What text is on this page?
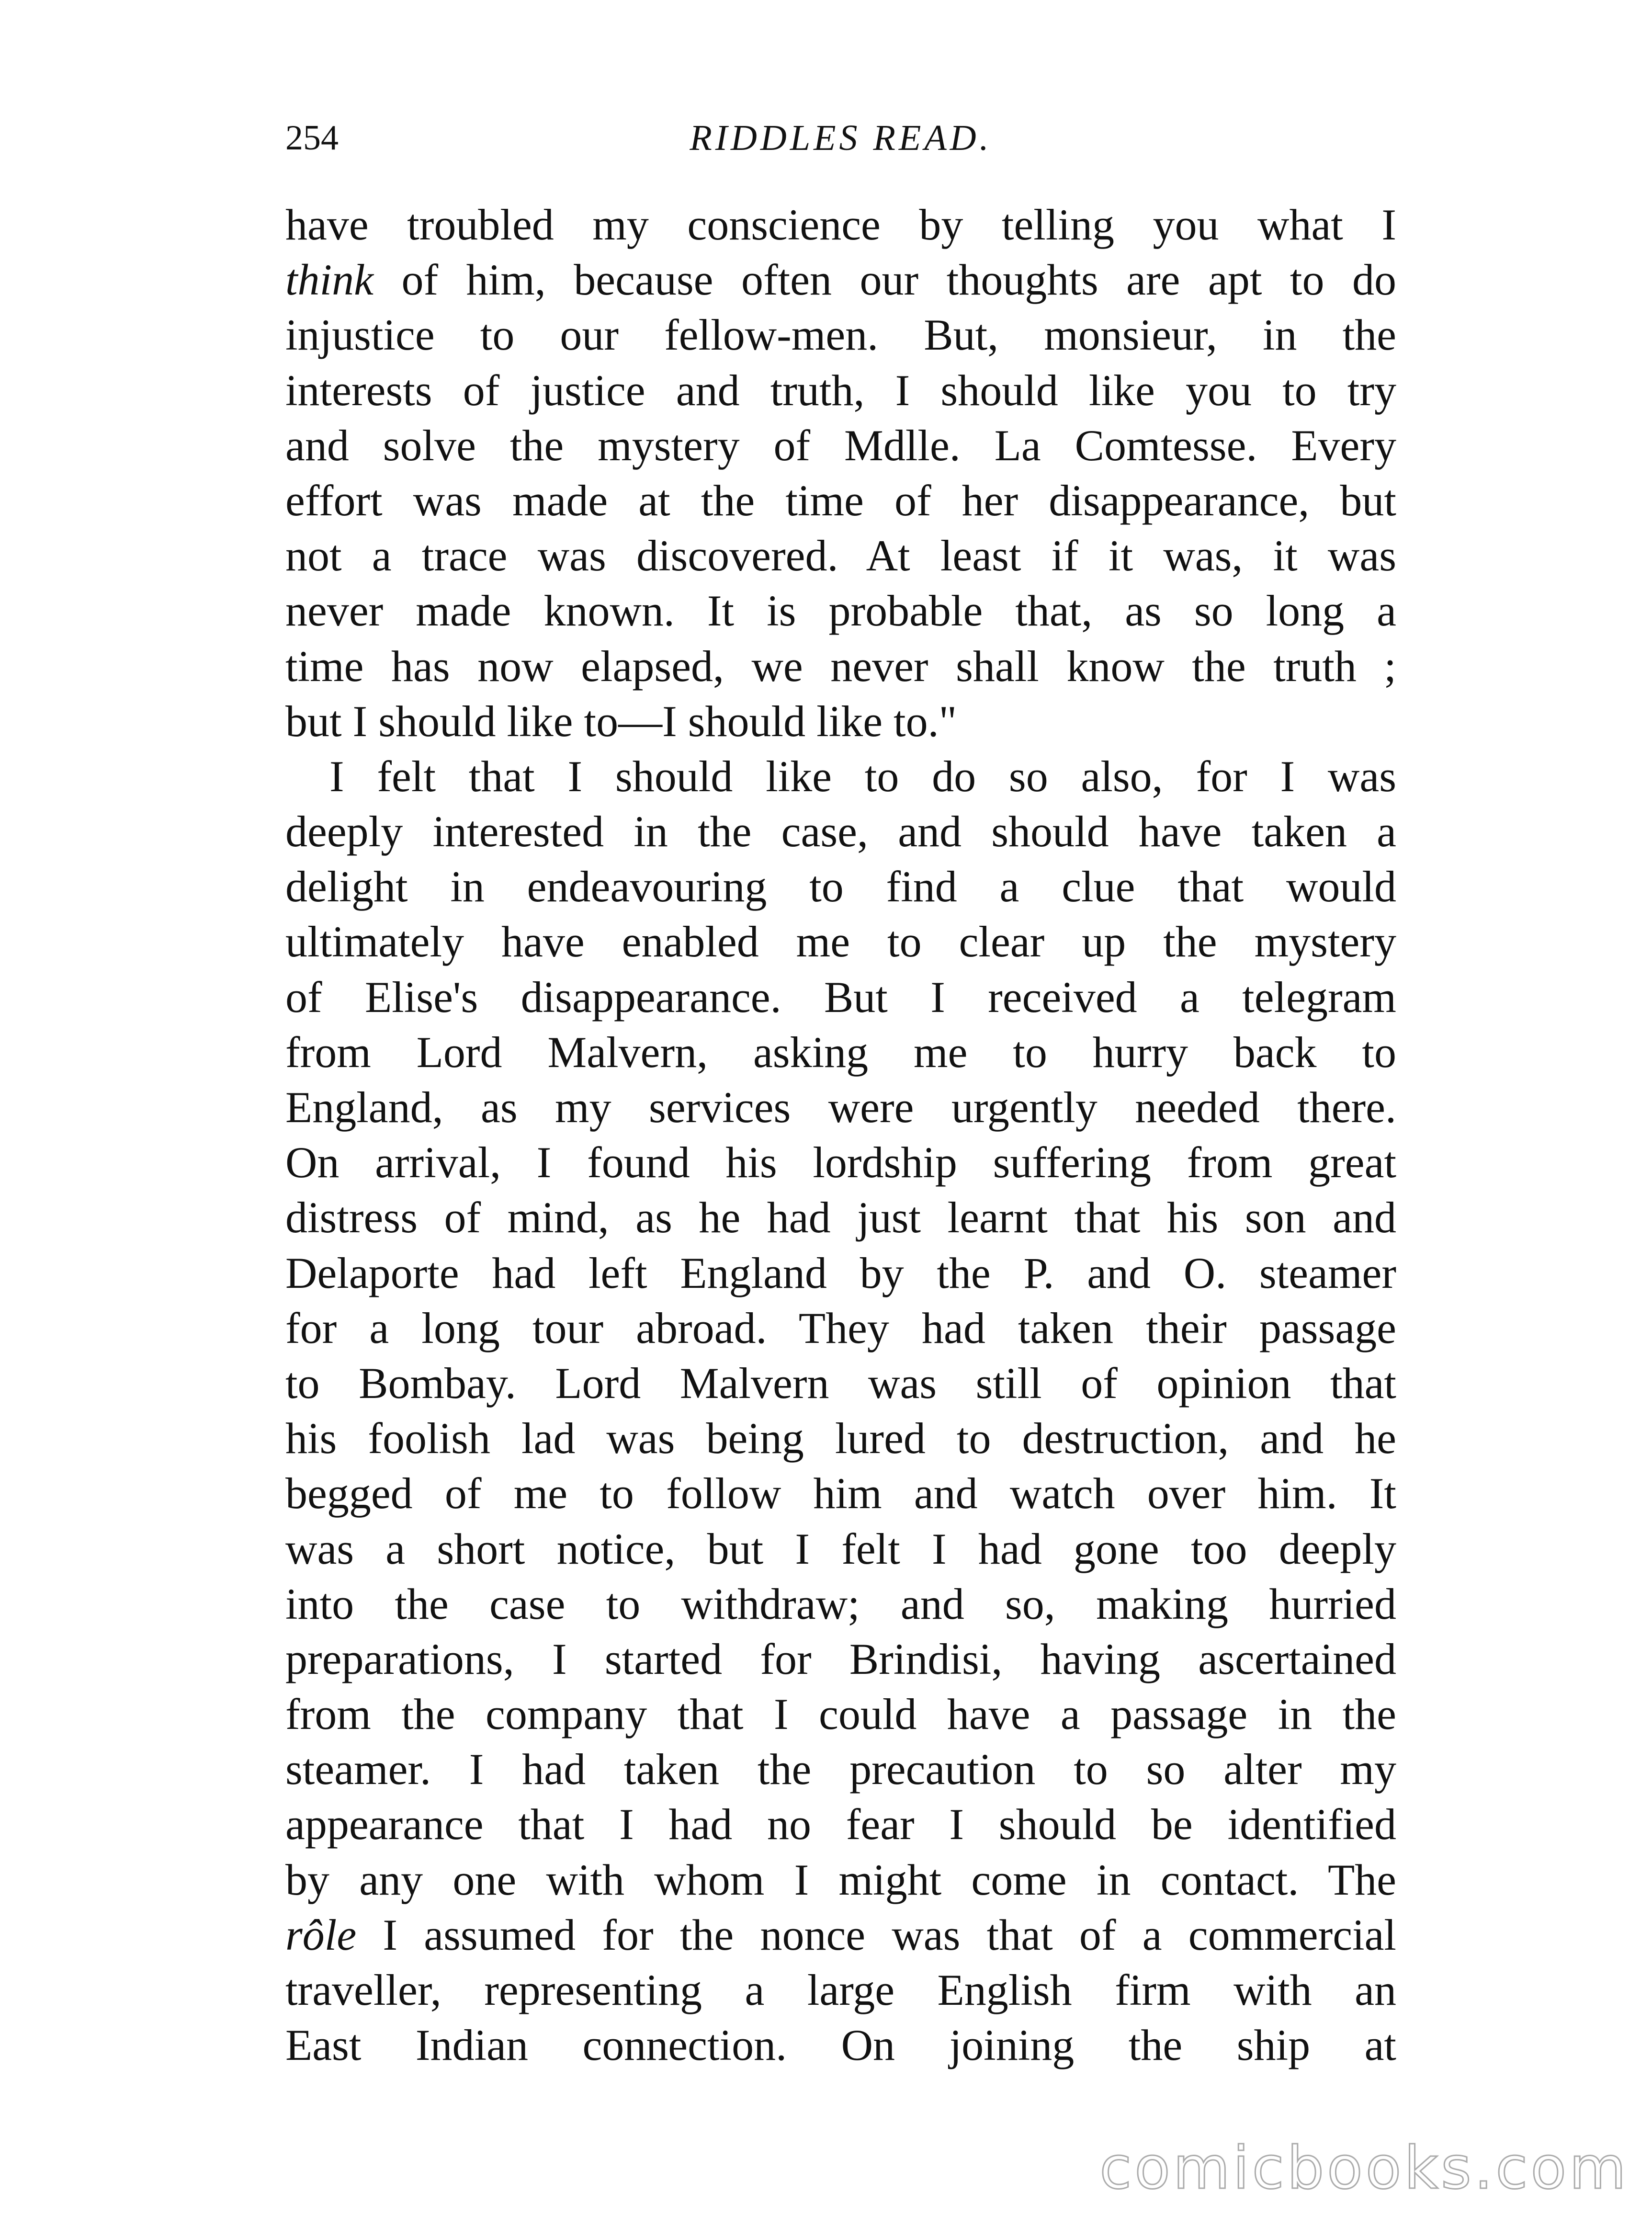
254	RIDDLES READ.
have troubled my conscience by telling you what I
think of him, because often our thoughts are apt to do
injustice to our fellow-men. But, monsieur, in the
interests of justice and truth, I should like you to try
and solve the mystery of Mdlle. La Comtesse. Every
effort was made at the time of her disappearance, but
not a trace was discovered. At least if it was, it was
never made known. It is probable that, as so long a
time has now elapsed, we never shall know the truth ;
but I should like to—I should like to."
I felt that I should like to do so also, for I was
deeply interested in the case, and should have taken a
delight in endeavouring to find a clue that would
ultimately have enabled me to clear up the mystery
of Elise's disappearance. But I received a telegram
from Lord Malvern, asking me to hurry back to
England, as my services were urgently needed there.
On arrival, I found his lordship suffering from great
distress of mind, as he had just learnt that his son and
Delaporte had left England by the P. and O. steamer
for a long tour abroad. They had taken their passage
to Bombay. Lord Malvern was still of opinion that
his foolish lad was being lured to destruction, and he
begged of me to follow him and watch over him. It
was a short notice, but I felt I had gone too deeply
into the case to withdraw; and so, making hurried
preparations, I started for Brindisi, having ascertained
from the company that I could have a passage in the
steamer. I had taken the precaution to so alter my
appearance that I had no fear I should be identified
by any one with whom I might come in contact. The
rôle I assumed for the nonce was that of a commercial
traveller, representing a large English firm with an
East Indian connection. On joining the ship at
comicbooks.com
